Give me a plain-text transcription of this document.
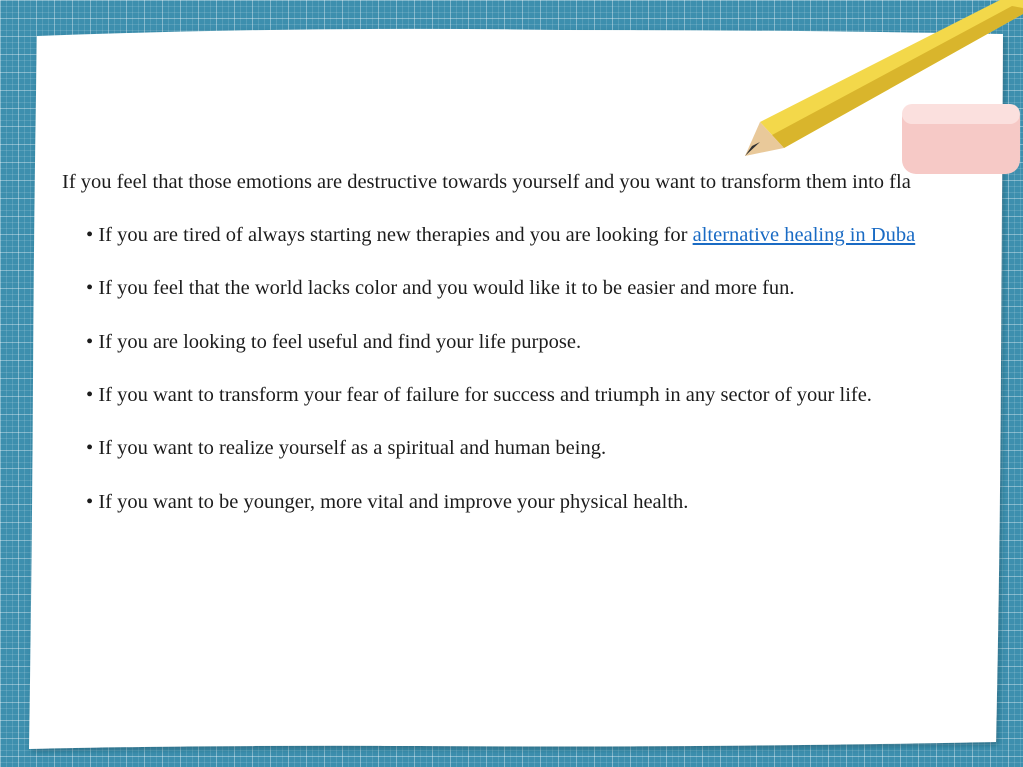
If you feel that those emotions are destructive towards yourself and you want to transform them into fla
• If you are tired of always starting new therapies and you are looking for alternative healing in Duba
• If you feel that the world lacks color and you would like it to be easier and more fun.
• If you are looking to feel useful and find your life purpose.
• If you want to transform your fear of failure for success and triumph in any sector of your life.
• If you want to realize yourself as a spiritual and human being.
• If you want to be younger, more vital and improve your physical health.
